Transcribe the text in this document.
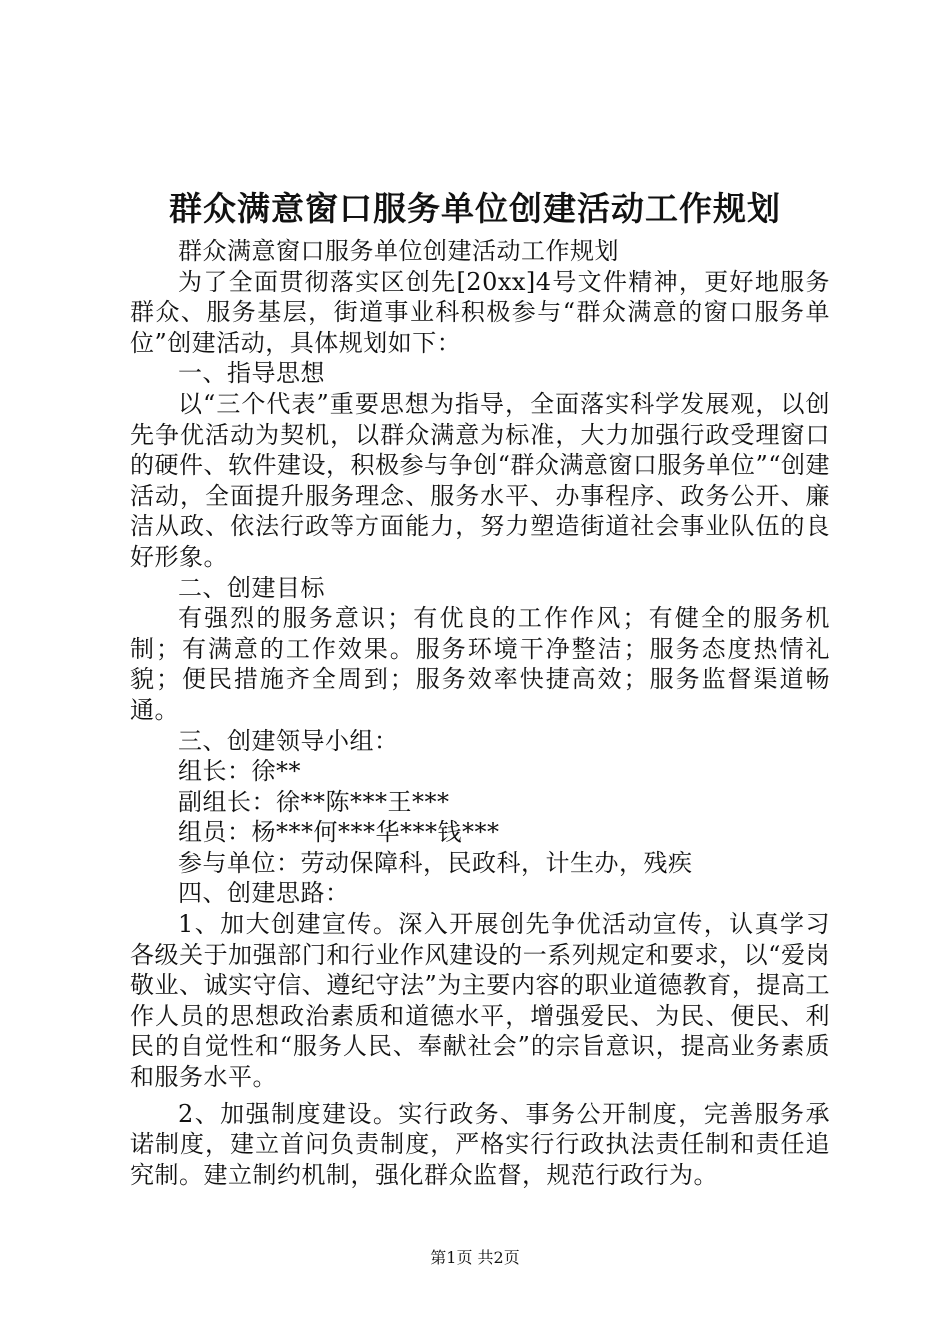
群众满意窗口服务单位创建活动工作规划

群众满意窗口服务单位创建活动工作规划

为了全面贯彻落实区创先[20xx]4号文件精神，更好地服务群众、服务基层，街道事业科积极参与“群众满意的窗口服务单位”创建活动，具体规划如下：

一、指导思想

以“三个代表”重要思想为指导，全面落实科学发展观，以创先争优活动为契机，以群众满意为标准，大力加强行政受理窗口的硬件、软件建设，积极参与争创“群众满意窗口服务单位”“创建活动，全面提升服务理念、服务水平、办事程序、政务公开、廉洁从政、依法行政等方面能力，努力塑造街道社会事业队伍的良好形象。

二、创建目标

有强烈的服务意识；有优良的工作作风；有健全的服务机制；有满意的工作效果。服务环境干净整洁；服务态度热情礼貌；便民措施齐全周到；服务效率快捷高效；服务监督渠道畅通。

三、创建领导小组：

组长：徐**

副组长：徐**陈***王***

组员：杨***何***华***钱***

参与单位：劳动保障科，民政科，计生办，残疾

四、创建思路：

1、加大创建宣传。深入开展创先争优活动宣传，认真学习各级关于加强部门和行业作风建设的一系列规定和要求，以“爱岗敬业、诚实守信、遵纪守法”为主要内容的职业道德教育，提高工作人员的思想政治素质和道德水平，增强爱民、为民、便民、利民的自觉性和“服务人民、奉献社会”的宗旨意识，提高业务素质和服务水平。

2、加强制度建设。实行政务、事务公开制度，完善服务承诺制度，建立首问负责制度，严格实行行政执法责任制和责任追究制。建立制约机制，强化群众监督，规范行政行为。

第1页 共2页
